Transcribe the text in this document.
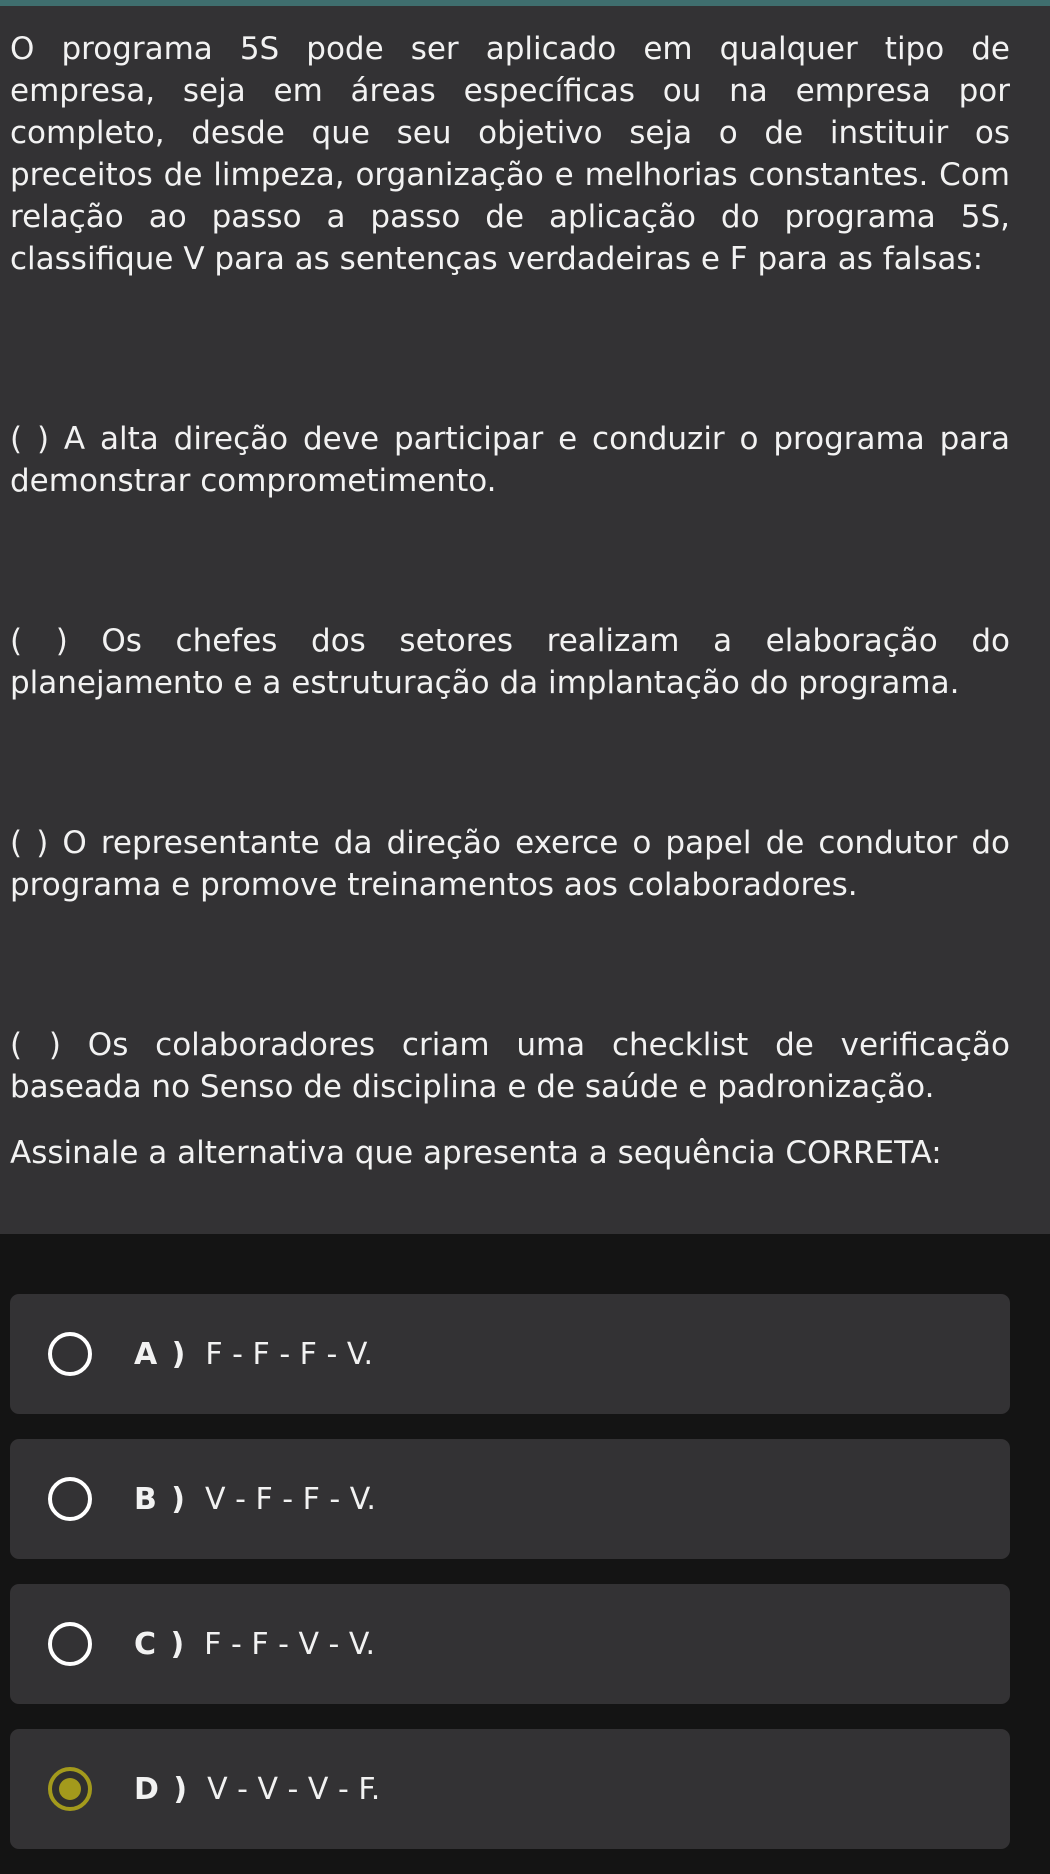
O programa 5S pode ser aplicado em qualquer tipo de empresa, seja em áreas específicas ou na empresa por completo, desde que seu objetivo seja o de instituir os preceitos de limpeza, organização e melhorias constantes. Com relação ao passo a passo de aplicação do programa 5S, classifique V para as sentenças verdadeiras e F para as falsas:

( ) A alta direção deve participar e conduzir o programa para demonstrar comprometimento.

( ) Os chefes dos setores realizam a elaboração do planejamento e a estruturação da implantação do programa.

( ) O representante da direção exerce o papel de condutor do programa e promove treinamentos aos colaboradores.

( ) Os colaboradores criam uma checklist de verificação baseada no Senso de disciplina e de saúde e padronização.

Assinale a alternativa que apresenta a sequência CORRETA:

A ) F - F - F - V.
B ) V - F - F - V.
C ) F - F - V - V.
D ) V - V - V - F.
